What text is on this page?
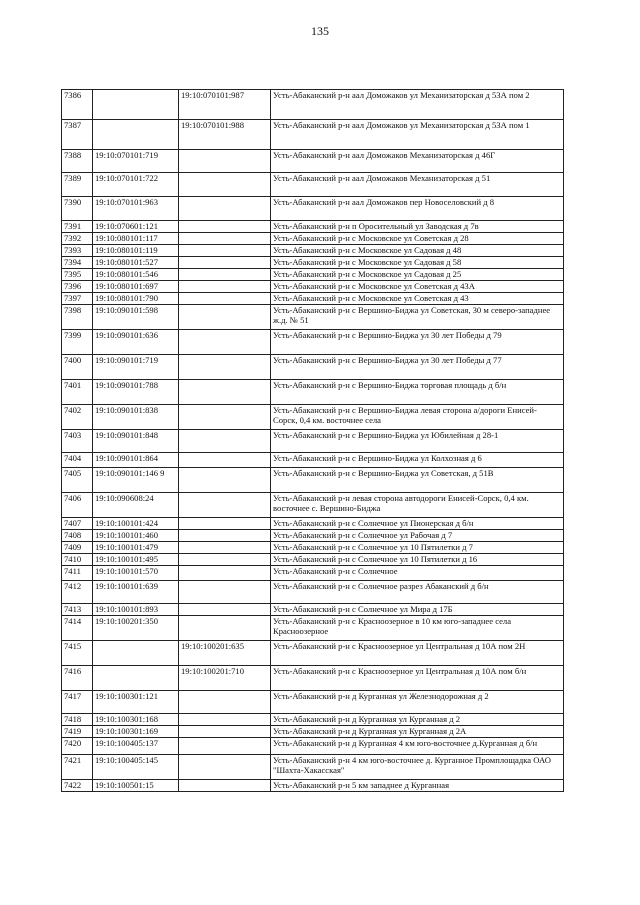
135
7386		19:10:070101:987	Усть-Абаканский р-н аал Доможаков ул Механизаторская д 53А пом 2
7387		19:10:070101:988	Усть-Абаканский р-н аал Доможаков ул Механизаторская д 53А пом 1
7388	19:10:070101:719		Усть-Абаканский р-н аал Доможаков Механизаторская д 46Г
7389	19:10:070101:722		Усть-Абаканский р-н аал Доможаков Механизаторская д 51
7390	19:10:070101:963		Усть-Абаканский р-н аал Доможаков пер Новоселовский д 8
7391	19:10:070601:121		Усть-Абаканский р-н п Оросительный ул Заводская д 7в
7392	19:10:080101:117		Усть-Абаканский р-н с Московское ул Советская д 28
7393	19:10:080101:119		Усть-Абаканский р-н с Московское ул Садовая д 48
7394	19:10:080101:527		Усть-Абаканский р-н с Московское ул Садовая д 58
7395	19:10:080101:546		Усть-Абаканский р-н с Московское ул Садовая д 25
7396	19:10:080101:697		Усть-Абаканский р-н с Московское ул Советская д 43А
7397	19:10:080101:790		Усть-Абаканский р-н с Московское ул Советская д 43
7398	19:10:090101:598		Усть-Абаканский р-н с Вершино-Биджа ул Советская, 30 м северо-западнее ж.д. № 51
7399	19:10:090101:636		Усть-Абаканский р-н с Вершино-Биджа ул 30 лет Победы д 79
7400	19:10:090101:719		Усть-Абаканский р-н с Вершино-Биджа ул 30 лет Победы д 77
7401	19:10:090101:788		Усть-Абаканский р-н с Вершино-Биджа торговая площадь д б/н
7402	19:10:090101:838		Усть-Абаканский р-н с Вершино-Биджа левая сторона а/дороги Енисей-Сорск, 0,4 км. восточнее села
7403	19:10:090101:848		Усть-Абаканский р-н с Вершино-Биджа ул Юбилейная д 28-1
7404	19:10:090101:864		Усть-Абаканский р-н с Вершино-Биджа ул Колхозная д 6
7405	19:10:090101:146 9		Усть-Абаканский р-н с Вершино-Биджа ул Советская, д 51В
7406	19:10:090608:24		Усть-Абаканский р-н левая сторона автодороги Енисей-Сорск, 0,4 км. восточнее с. Вершино-Биджа
7407	19:10:100101:424		Усть-Абаканский р-н с Солнечное ул Пионерская д б/н
7408	19:10:100101:460		Усть-Абаканский р-н с Солнечное ул Рабочая д 7
7409	19:10:100101:479		Усть-Абаканский р-н с Солнечное ул 10 Пятилетки д 7
7410	19:10:100101:495		Усть-Абаканский р-н с Солнечное ул 10 Пятилетки д 16
7411	19:10:100101:570		Усть-Абаканский р-н с Солнечное
7412	19:10:100101:639		Усть-Абаканский р-н с Солнечное разрез Абаканский д б/н
7413	19:10:100101:893		Усть-Абаканский р-н с Солнечное ул Мира д 17Б
7414	19:10:100201:350		Усть-Абаканский р-н с Красноозерное в 10 км юго-западнее села Красноозерное
7415		19:10:100201:635	Усть-Абаканский р-н с Красноозерное ул Центральная д 10А пом 2Н
7416		19:10:100201:710	Усть-Абаканский р-н с Красноозерное ул Центральная д 10А пом б/н
7417	19:10:100301:121		Усть-Абаканский р-н д Курганная ул Железнодорожная д 2
7418	19:10:100301:168		Усть-Абаканский р-н д Курганная ул Курганная д 2
7419	19:10:100301:169		Усть-Абаканский р-н д Курганная ул Курганная д 2А
7420	19:10:100405:137		Усть-Абаканский р-н д Курганная 4 км юго-восточнее д.Курганная д б/н
7421	19:10:100405:145		Усть-Абаканский р-н 4 км юго-восточнее д. Курганное Промплощадка ОАО "Шахта-Хакасская"
7422	19:10:100501:15		Усть-Абаканский р-н 5 км западнее д Курганная
